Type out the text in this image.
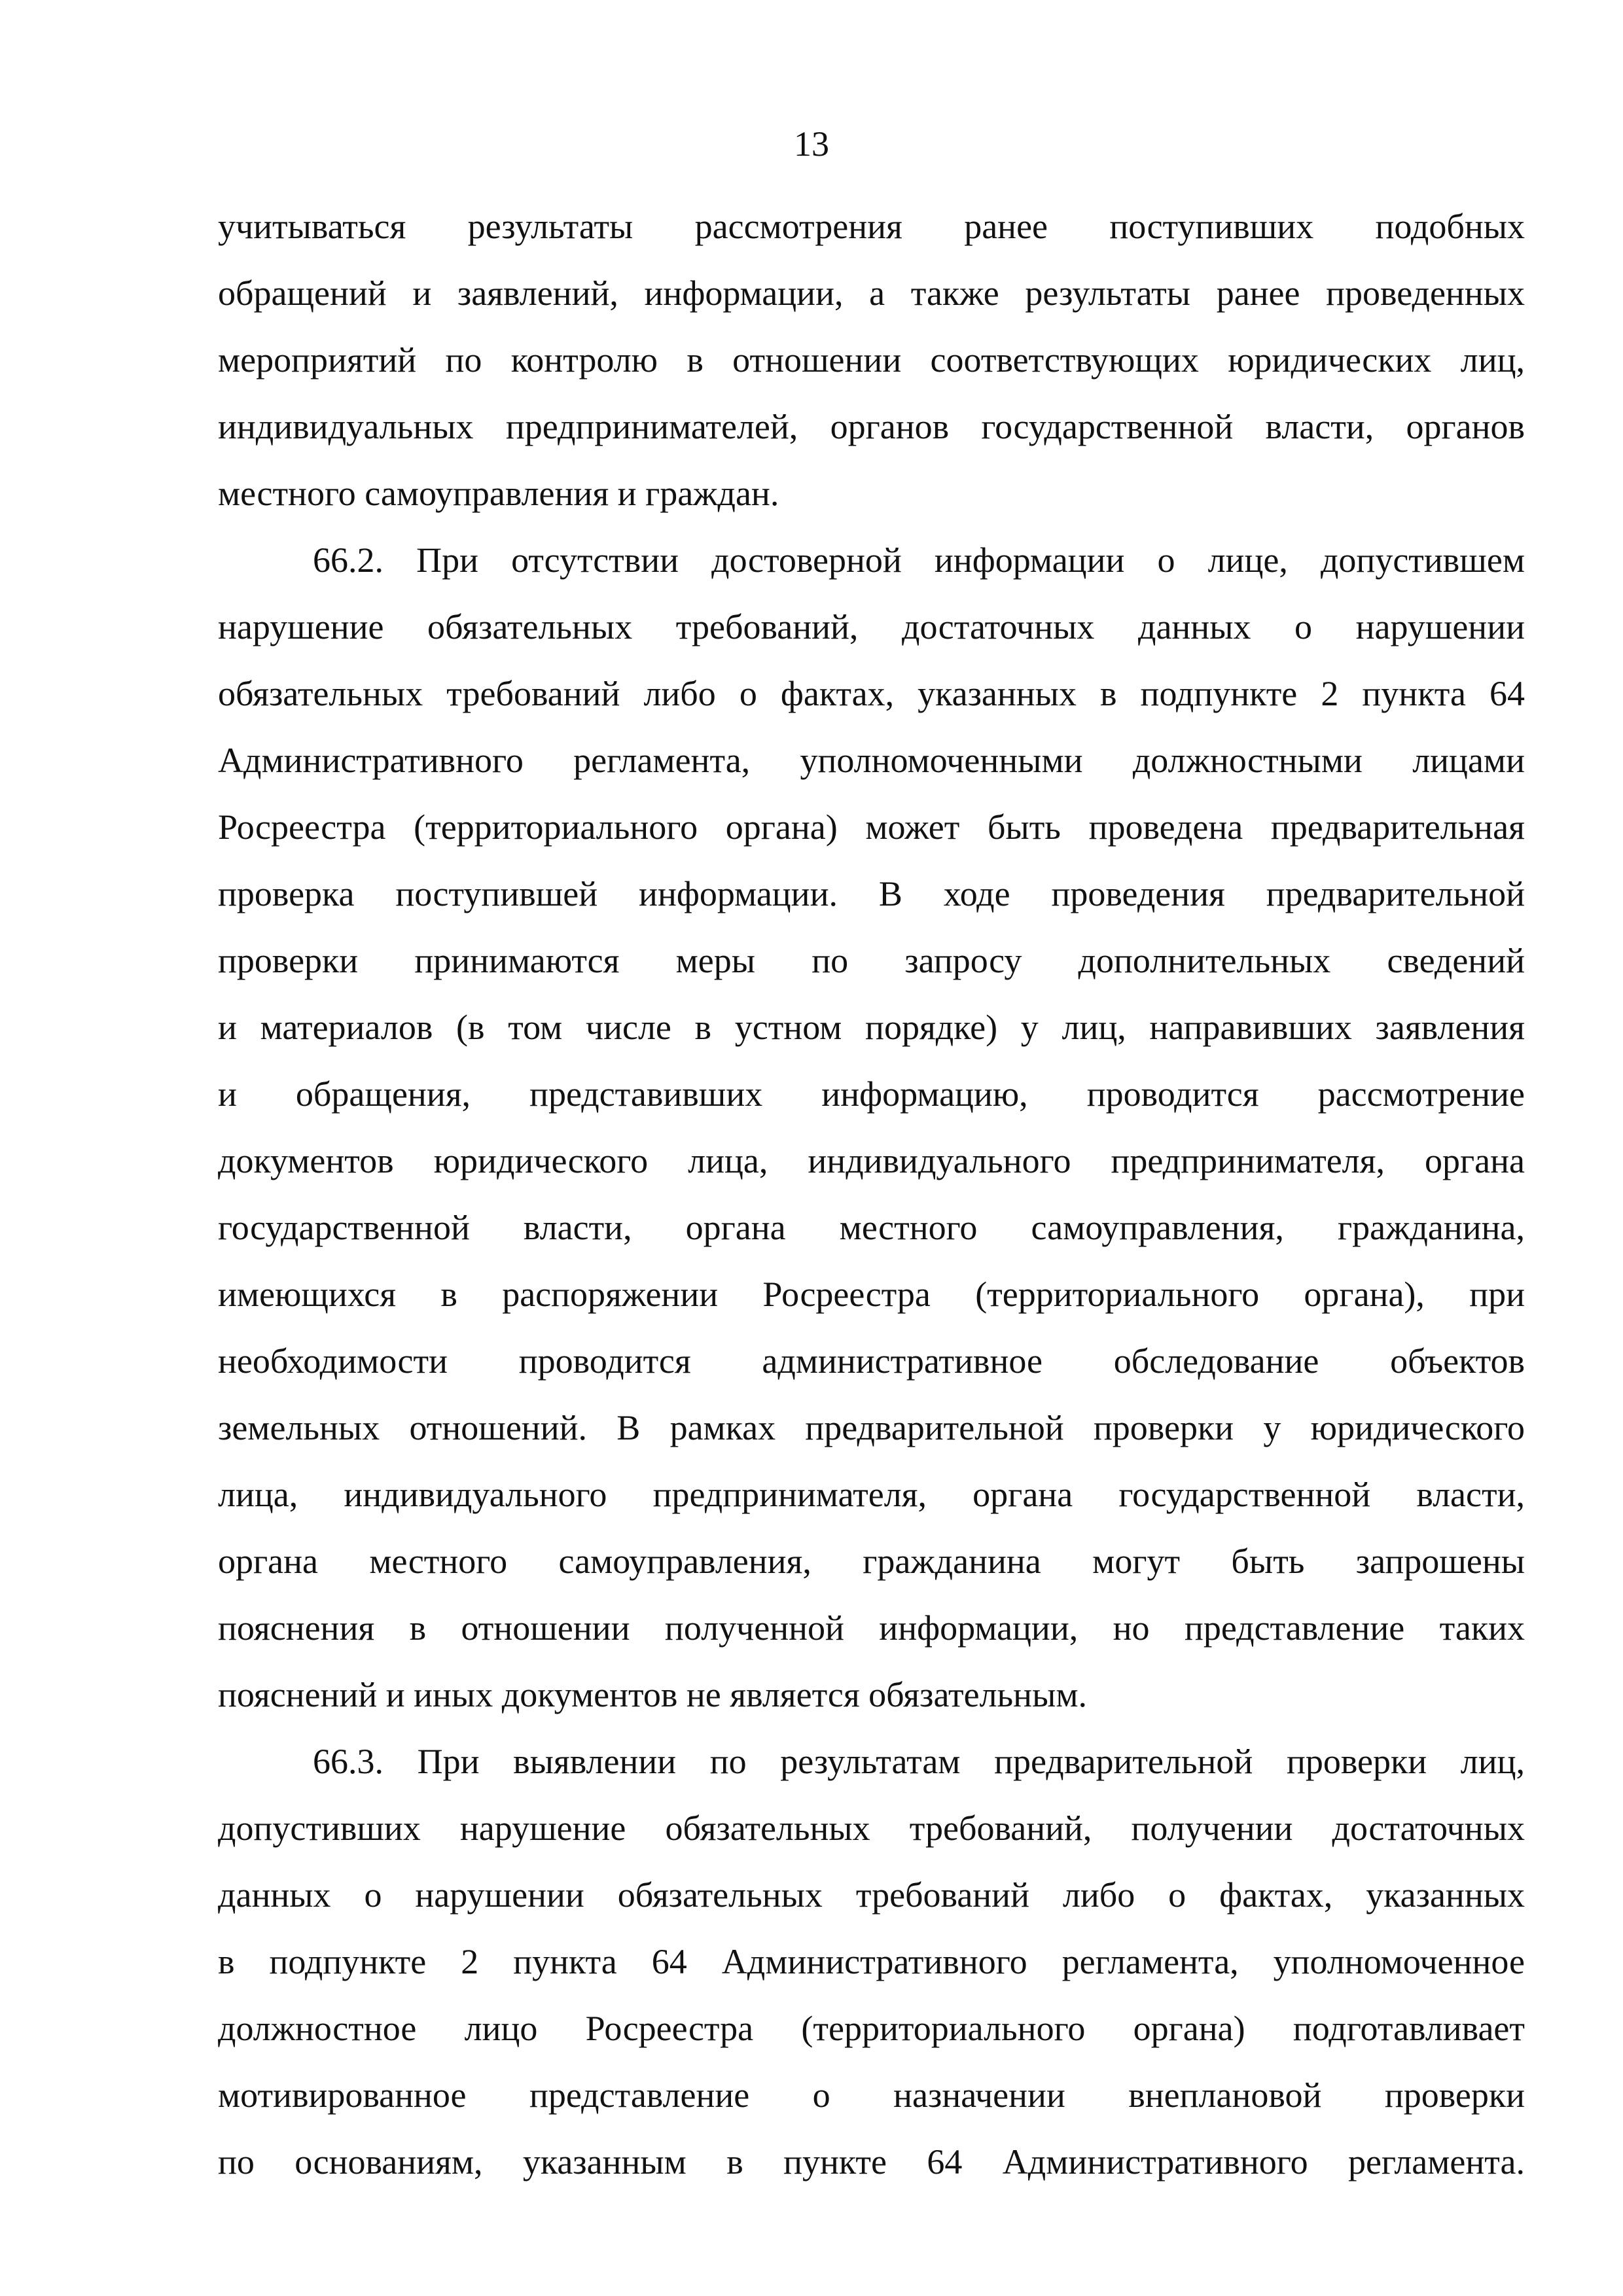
13
учитываться результаты рассмотрения ранее поступивших подобных
обращений и заявлений, информации, а также результаты ранее проведенных
мероприятий по контролю в отношении соответствующих юридических лиц,
индивидуальных предпринимателей, органов государственной власти, органов
местного самоуправления и граждан.
66.2. При отсутствии достоверной информации о лице, допустившем
нарушение обязательных требований, достаточных данных о нарушении
обязательных требований либо о фактах, указанных в подпункте 2 пункта 64
Административного регламента, уполномоченными должностными лицами
Росреестра (территориального органа) может быть проведена предварительная
проверка поступившей информации. В ходе проведения предварительной
проверки принимаются меры по запросу дополнительных сведений
и материалов (в том числе в устном порядке) у лиц, направивших заявления
и обращения, представивших информацию, проводится рассмотрение
документов юридического лица, индивидуального предпринимателя, органа
государственной власти, органа местного самоуправления, гражданина,
имеющихся в распоряжении Росреестра (территориального органа), при
необходимости проводится административное обследование объектов
земельных отношений. В рамках предварительной проверки у юридического
лица, индивидуального предпринимателя, органа государственной власти,
органа местного самоуправления, гражданина могут быть запрошены
пояснения в отношении полученной информации, но представление таких
пояснений и иных документов не является обязательным.
66.3. При выявлении по результатам предварительной проверки лиц,
допустивших нарушение обязательных требований, получении достаточных
данных о нарушении обязательных требований либо о фактах, указанных
в подпункте 2 пункта 64 Административного регламента, уполномоченное
должностное лицо Росреестра (территориального органа) подготавливает
мотивированное представление о назначении внеплановой проверки
по основаниям, указанным в пункте 64 Административного регламента.
